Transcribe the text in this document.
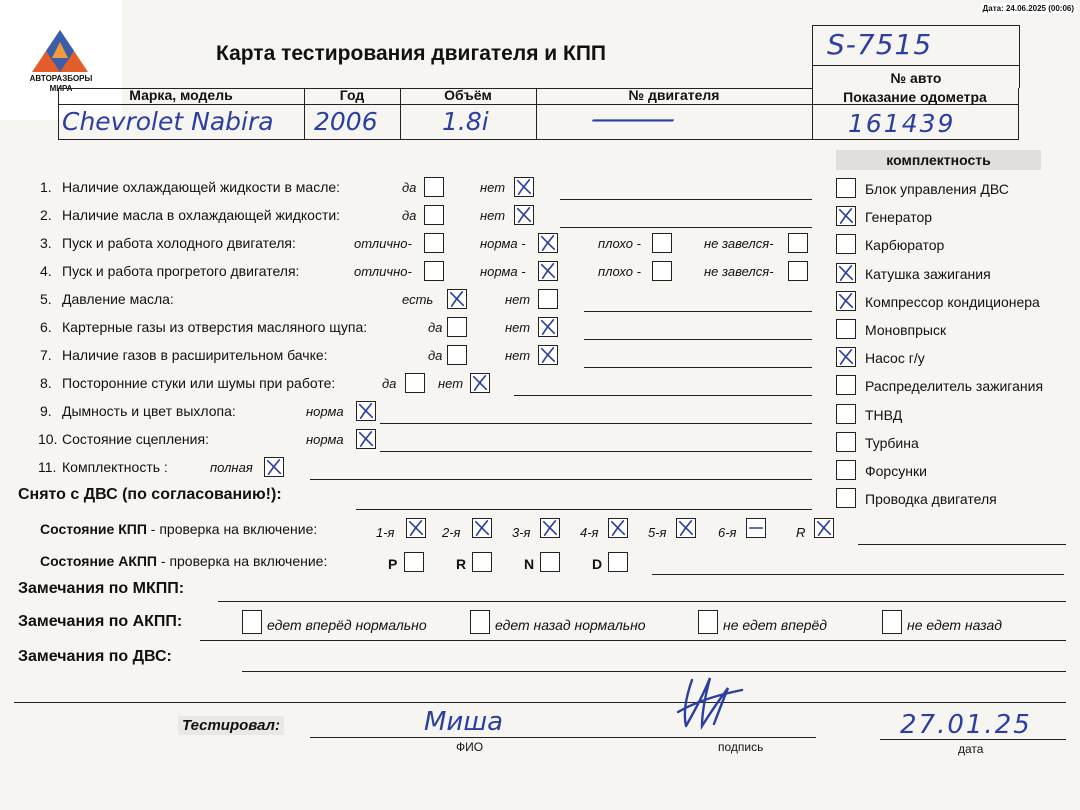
АВТОРАЗБОРЫ
МИРА
Дата: 24.06.2025 (00:06)
Карта тестирования двигателя и КПП
Марка, модель	Год	Объём	№ двигателя	Показание одометра
Chevrolet Nabira 2006	1.8i	—	161439
S-7515
№ авто
комплектность
Блок управления ДВС
Генератор
Карбюратор
Катушка зажигания
Компрессор кондиционера
Моновпрыск
Насос г/у
Распределитель зажигания
ТНВД
Турбина
Форсунки
Проводка двигателя
1. Наличие охлаждающей жидкости в масле:	да	нет
2. Наличие масла в охлаждающей жидкости:	да	нет
3. Пуск и работа холодного двигателя:	отлично-	норма -	плохо -	не завелся-
4. Пуск и работа прогретого двигателя:	отлично-	норма -	плохо -	не завелся-
5. Давление масла:	есть	нет
6. Картерные газы из отверстия масляного щупа:	да	нет
7. Наличие газов в расширительном бачке:	да	нет
8. Посторонние стуки или шумы при работе:	да	нет
9. Дымность и цвет выхлопа:	норма
10. Состояние сцепления:	норма
11. Комплектность :	полная
Снято с ДВС (по согласованию!):
Состояние КПП - проверка на включение:	1-я	2-я	3-я	4-я	5-я	6-я	R
Состояние АКПП - проверка на включение:	P	R	N	D
Замечания по МКПП:
Замечания по АКПП:	едет вперёд нормально	едет назад нормально	не едет вперёд	не едет назад
Замечания по ДВС:
Тестировал:	Миша
ФИО	подпись
27.01.25
дата
